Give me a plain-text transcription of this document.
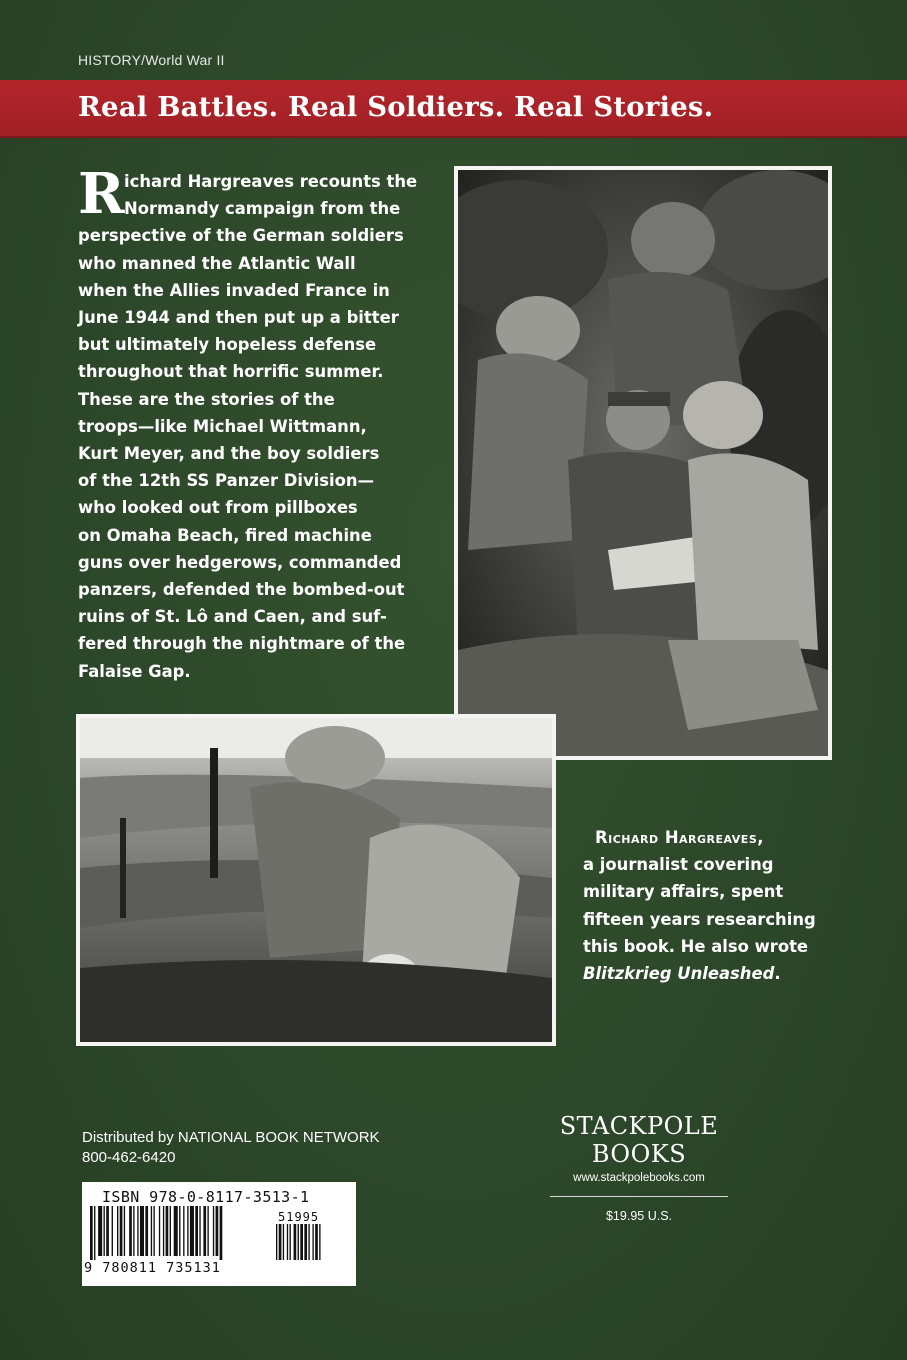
HISTORY/World War II
Real Battles. Real Soldiers. Real Stories.
R ichard Hargreaves recounts the
Normandy campaign from the
perspective of the German soldiers
who manned the Atlantic Wall
when the Allies invaded France in
June 1944 and then put up a bitter
but ultimately hopeless defense
throughout that horrific summer.
These are the stories of the
troops—like Michael Wittmann,
Kurt Meyer, and the boy soldiers
of the 12th SS Panzer Division—
who looked out from pillboxes
on Omaha Beach, fired machine
guns over hedgerows, commanded
panzers, defended the bombed-out
ruins of St. Lô and Caen, and suf-
fered through the nightmare of the
Falaise Gap.
Richard Hargreaves,
a journalist covering
military affairs, spent
fifteen years researching
this book. He also wrote
Blitzkrieg Unleashed.
Distributed by NATIONAL BOOK NETWORK
800-462-6420
ISBN 978-0-8117-3513-1
51995
9 780811 735131
STACKPOLE
BOOKS
www.stackpolebooks.com
$19.95 U.S.
